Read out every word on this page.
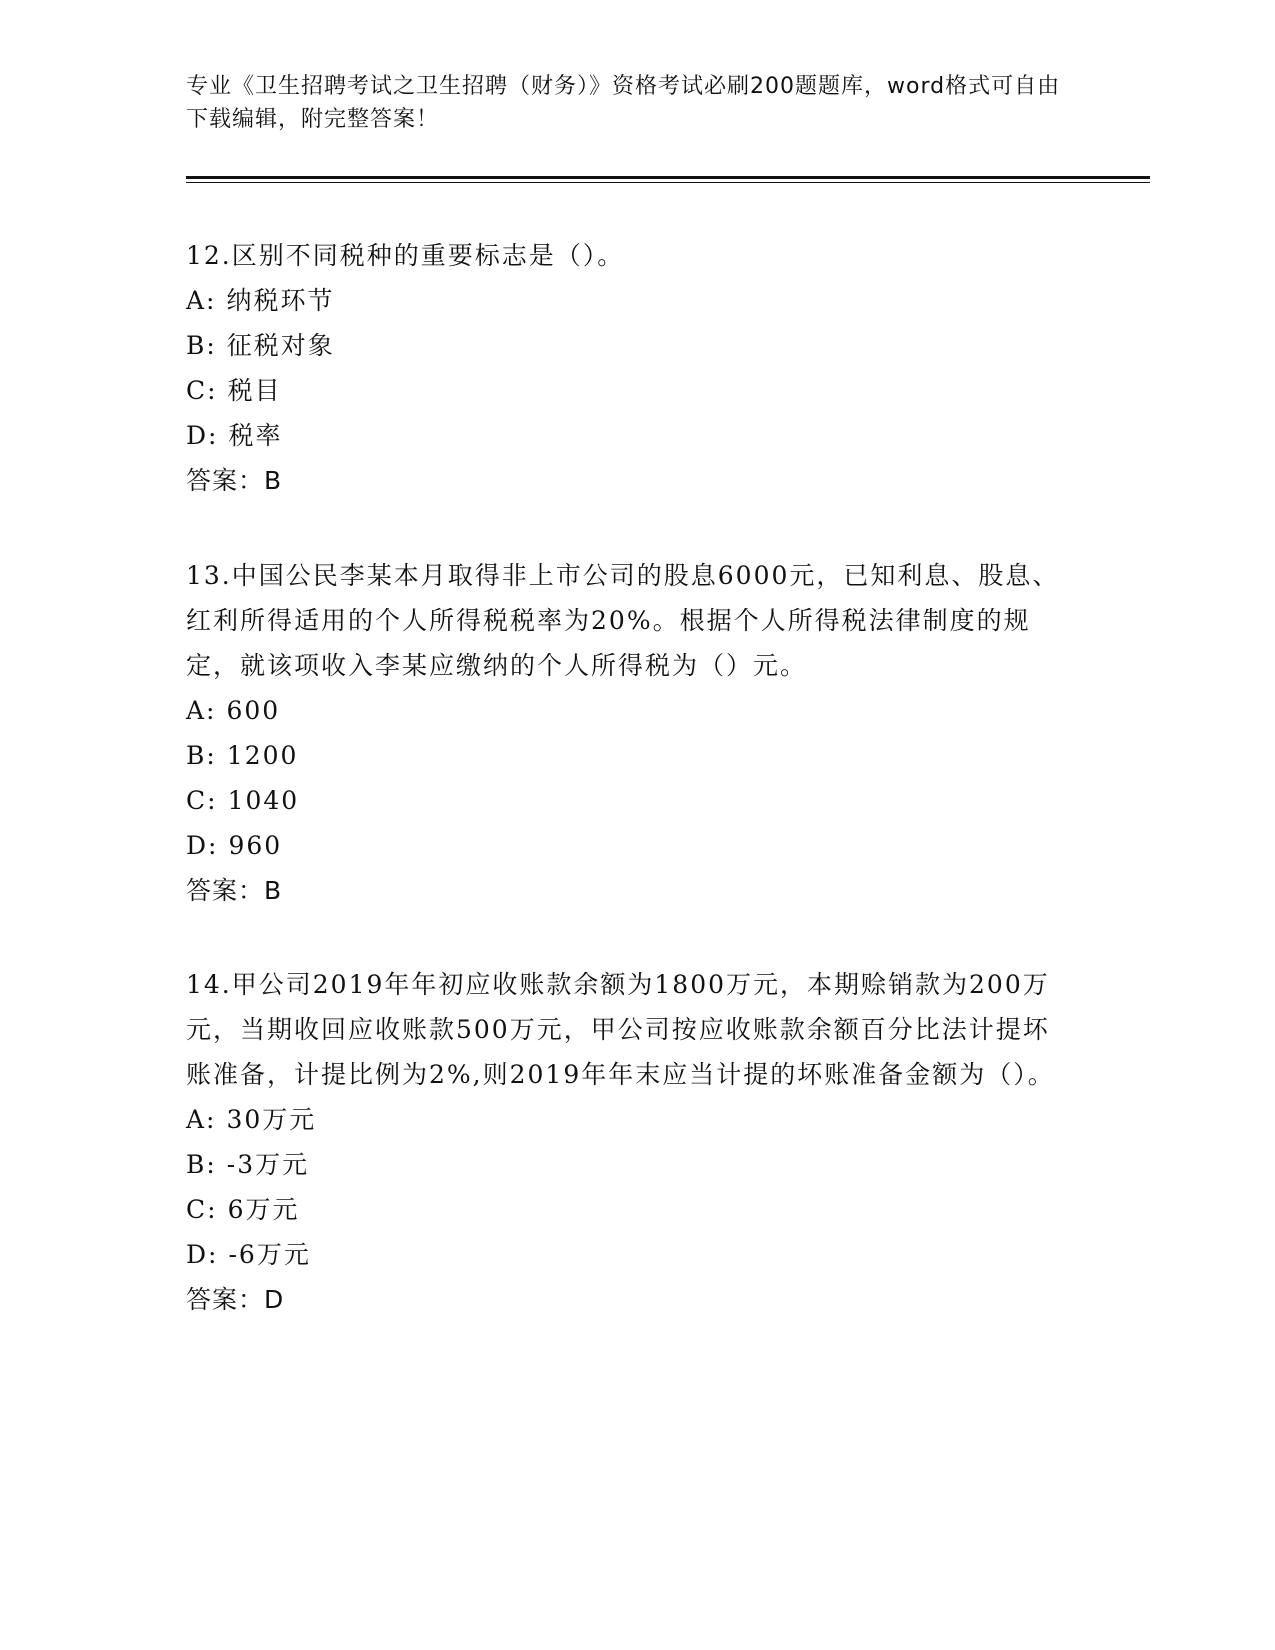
专业《卫生招聘考试之卫生招聘（财务）》资格考试必刷200题题库，word格式可自由下载编辑，附完整答案！

12.区别不同税种的重要标志是（）。

A: 纳税环节
B: 征税对象
C: 税目
D: 税率
答案：B

13.中国公民李某本月取得非上市公司的股息6000元，已知利息、股息、红利所得适用的个人所得税税率为20%。根据个人所得税法律制度的规定，就该项收入李某应缴纳的个人所得税为（）元。

A: 600
B: 1200
C: 1040
D: 960
答案：B

14.甲公司2019年年初应收账款余额为1800万元，本期赊销款为200万元，当期收回应收账款500万元，甲公司按应收账款余额百分比法计提坏账准备，计提比例为2%,则2019年年末应当计提的坏账准备金额为（）。

A: 30万元
B: -3万元
C: 6万元
D: -6万元
答案：D
